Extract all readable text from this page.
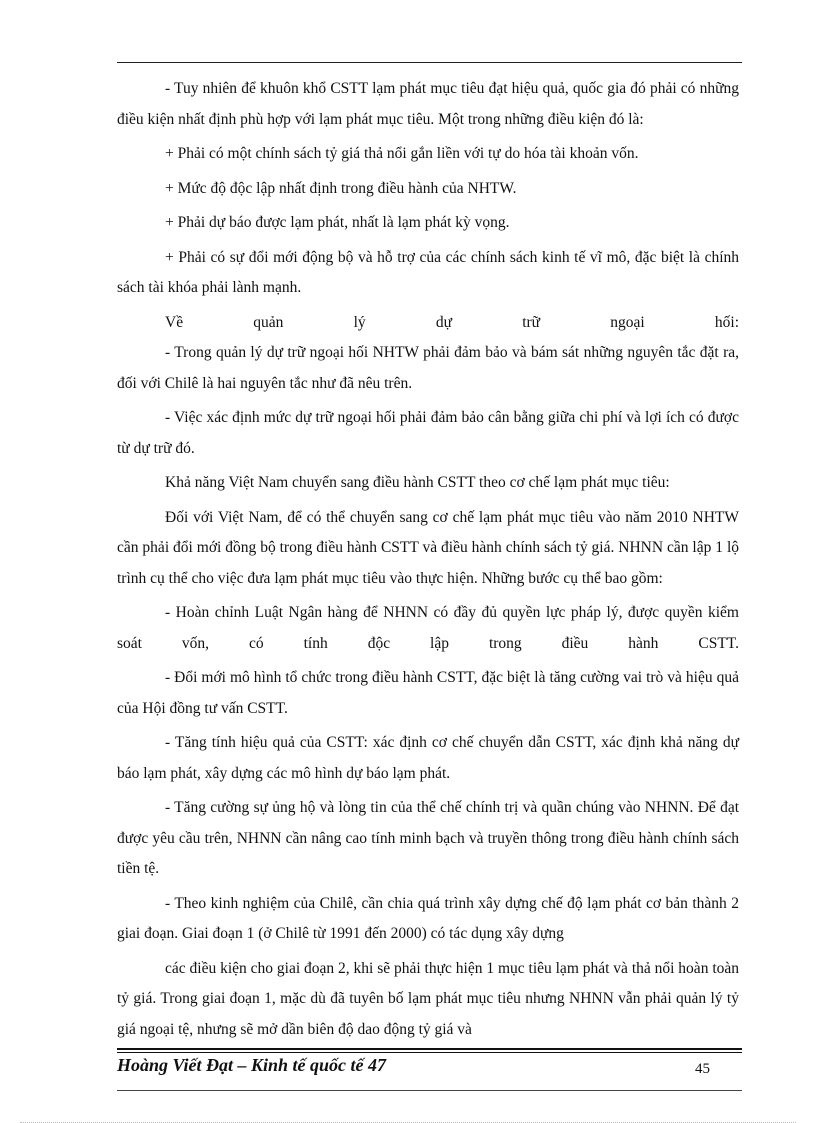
- Tuy nhiên để khuôn khổ CSTT lạm phát mục tiêu đạt hiệu quả, quốc gia đó phải có những điều kiện nhất định phù hợp với lạm phát mục tiêu. Một trong những điều kiện đó là:

+ Phải có một chính sách tỷ giá thả nổi gắn liền với tự do hóa tài khoản vốn.

+ Mức độ độc lập nhất định trong điều hành của NHTW.

+ Phải dự báo được lạm phát, nhất là lạm phát kỳ vọng.

+ Phải có sự đổi mới động bộ và hỗ trợ của các chính sách kinh tế vĩ mô, đặc biệt là chính sách tài khóa phải lành mạnh.

Về quản lý dự trữ ngoại hối:

- Trong quản lý dự trữ ngoại hối NHTW phải đảm bảo và bám sát những nguyên tắc đặt ra, đối với Chilê là hai nguyên tắc như đã nêu trên.

- Việc xác định mức dự trữ ngoại hối phải đảm bảo cân bằng giữa chi phí và lợi ích có được từ dự trữ đó.

Khả năng Việt Nam chuyển sang điều hành CSTT theo cơ chế lạm phát mục tiêu:

Đối với Việt Nam, để có thể chuyển sang cơ chế lạm phát mục tiêu vào năm 2010 NHTW cần phải đổi mới đồng bộ trong điều hành CSTT và điều hành chính sách tỷ giá. NHNN cần lập 1 lộ trình cụ thể cho việc đưa lạm phát mục tiêu vào thực hiện. Những bước cụ thể bao gồm:

- Hoàn chỉnh Luật Ngân hàng để NHNN có đầy đủ quyền lực pháp lý, được quyền kiểm soát vốn, có tính độc lập trong điều hành CSTT.

- Đổi mới mô hình tổ chức trong điều hành CSTT, đặc biệt là tăng cường vai trò và hiệu quả của Hội đồng tư vấn CSTT.

- Tăng tính hiệu quả của CSTT: xác định cơ chế chuyển dẫn CSTT, xác định khả năng dự báo lạm phát, xây dựng các mô hình dự báo lạm phát.

- Tăng cường sự ủng hộ và lòng tin của thể chế chính trị và quần chúng vào NHNN. Để đạt được yêu cầu trên, NHNN cần nâng cao tính minh bạch và truyền thông trong điều hành chính sách tiền tệ.

- Theo kinh nghiệm của Chilê, cần chia quá trình xây dựng chế độ lạm phát cơ bản thành 2 giai đoạn. Giai đoạn 1 (ở Chilê từ 1991 đến 2000) có tác dụng xây dựng

các điều kiện cho giai đoạn 2, khi sẽ phải thực hiện 1 mục tiêu lạm phát và thả nổi hoàn toàn tỷ giá. Trong giai đoạn 1, mặc dù đã tuyên bố lạm phát mục tiêu nhưng NHNN vẫn phải quản lý tỷ giá ngoại tệ, nhưng sẽ mở dần biên độ dao động tỷ giá và

Hoàng Viết Đạt – Kinh tế quốc tế 47	45
